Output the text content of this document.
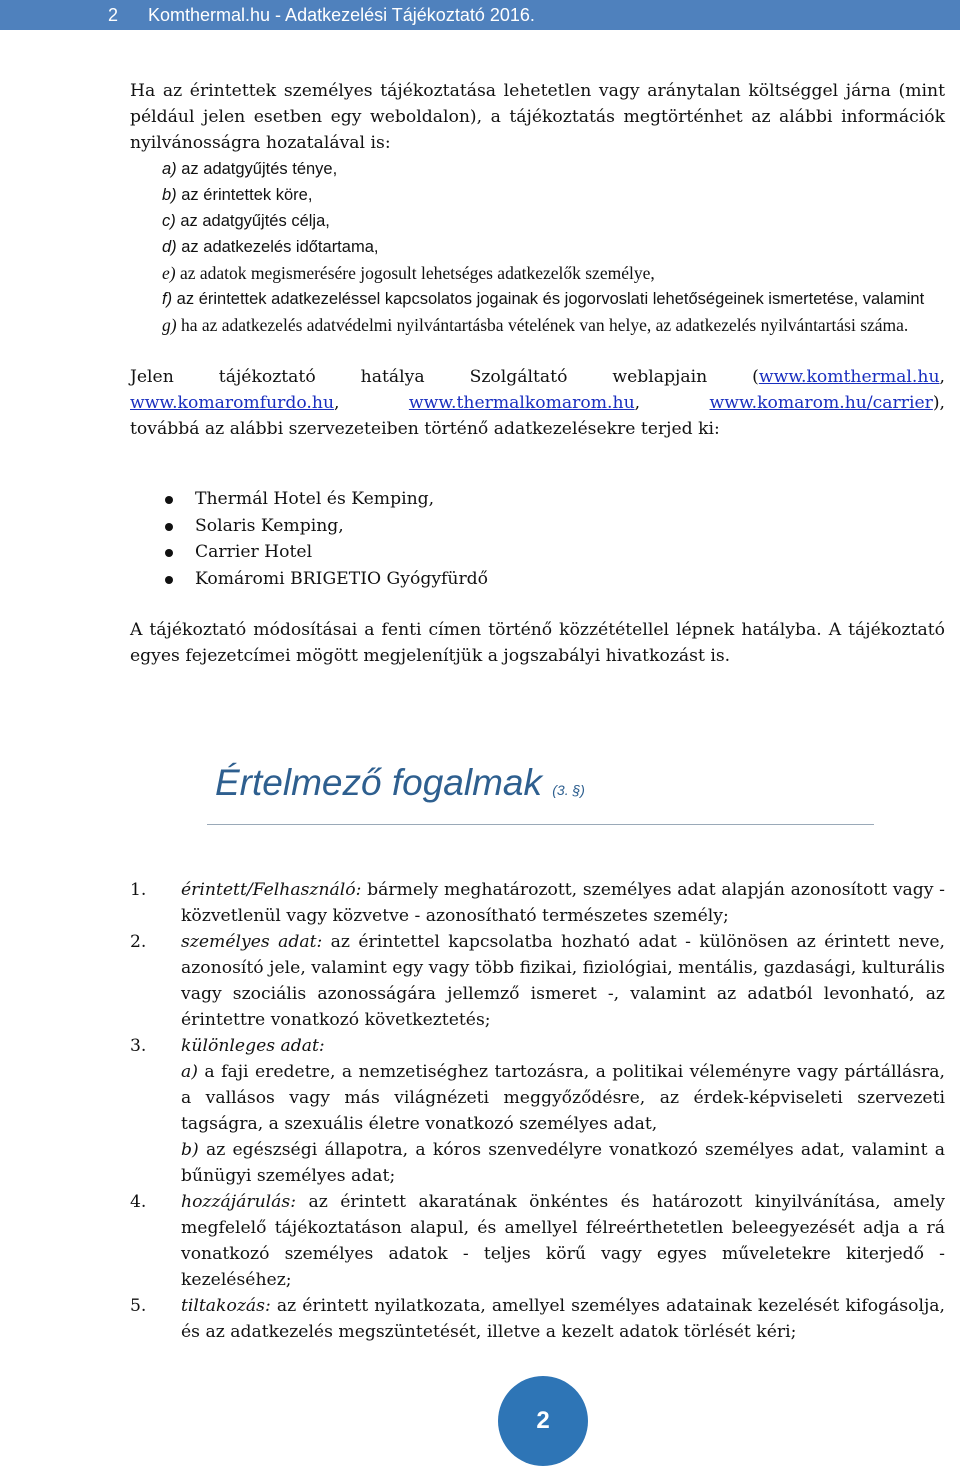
2 Komthermal.hu - Adatkezelési Tájékoztató 2016.

Ha az érintettek személyes tájékoztatása lehetetlen vagy aránytalan költséggel járna (mint például jelen esetben egy weboldalon), a tájékoztatás megtörténhet az alábbi információk nyilvánosságra hozatalával is:

a) az adatgyűjtés ténye,

b) az érintettek köre,

c) az adatgyűjtés célja,

d) az adatkezelés időtartama,

e) az adatok megismerésére jogosult lehetséges adatkezelők személye,

f) az érintettek adatkezeléssel kapcsolatos jogainak és jogorvoslati lehetőségeinek ismertetése, valamint

g) ha az adatkezelés adatvédelmi nyilvántartásba vételének van helye, az adatkezelés nyilvántartási száma.

Jelen tájékoztató hatálya Szolgáltató weblapjain (www.komthermal.hu,

www.komaromfurdo.hu,	www.thermalkomarom.hu,	www.komarom.hu/carrier),

továbbá az alábbi szervezeteiben történő adatkezelésekre terjed ki:

Thermál Hotel és Kemping,
Solaris Kemping,
Carrier Hotel
Komáromi BRIGETIO Gyógyfürdő

A tájékoztató módosításai a fenti címen történő közzététellel lépnek hatályba. A tájékoztató egyes fejezetcímei mögött megjelenítjük a jogszabályi hivatkozást is.

Értelmező fogalmak (3. §)
1. érintett/Felhasználó: bármely meghatározott, személyes adat alapján azonosított vagy - közvetlenül vagy közvetve - azonosítható természetes személy;

2. személyes adat: az érintettel kapcsolatba hozható adat - különösen az érintett neve, azonosító jele, valamint egy vagy több fizikai, fiziológiai, mentális, gazdasági, kulturális vagy szociális azonosságára jellemző ismeret -, valamint az adatból levonható, az érintettre vonatkozó következtetés;

3. különleges adat:

a) a faji eredetre, a nemzetiséghez tartozásra, a politikai véleményre vagy pártállásra, a vallásos vagy más világnézeti meggyőződésre, az érdek-képviseleti szervezeti tagságra, a szexuális életre vonatkozó személyes adat,

b) az egészségi állapotra, a kóros szenvedélyre vonatkozó személyes adat, valamint a bűnügyi személyes adat;

4. hozzájárulás: az érintett akaratának önkéntes és határozott kinyilvánítása, amely megfelelő tájékoztatáson alapul, és amellyel félreérthetetlen beleegyezését adja a rá vonatkozó személyes adatok - teljes körű vagy egyes műveletekre kiterjedő - kezeléséhez;

5. tiltakozás: az érintett nyilatkozata, amellyel személyes adatainak kezelését kifogásolja, és az adatkezelés megszüntetését, illetve a kezelt adatok törlését kéri;

2
